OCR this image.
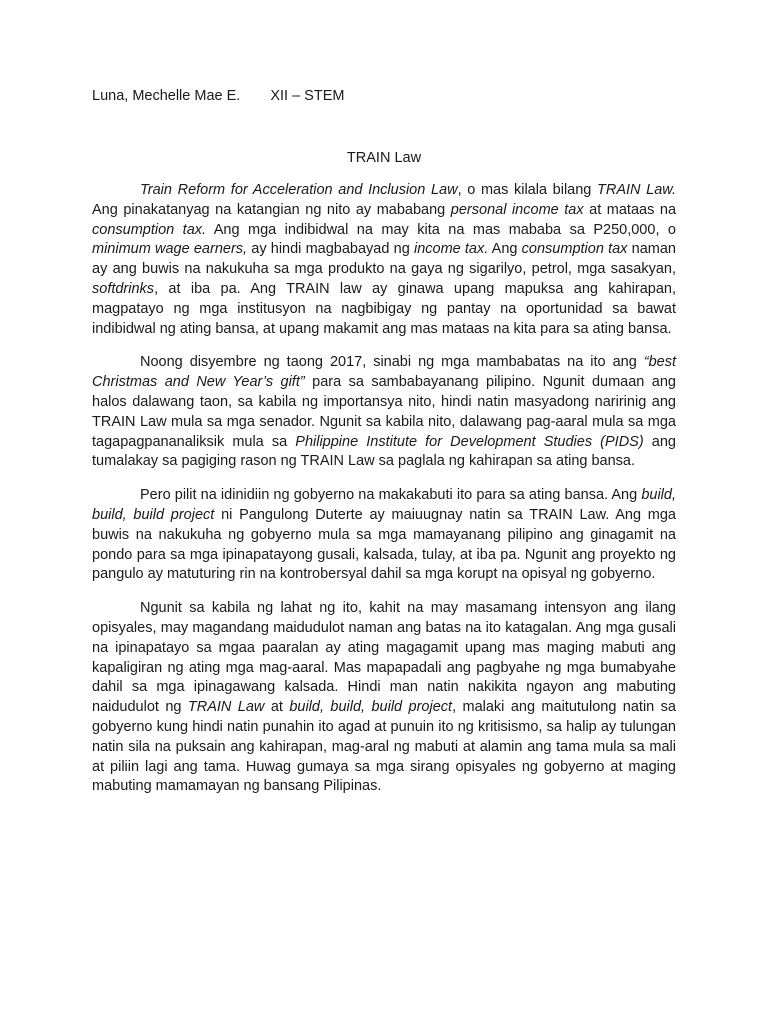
Luna, Mechelle Mae E. XII – STEM
TRAIN Law

Train Reform for Acceleration and Inclusion Law, o mas kilala bilang TRAIN Law. Ang pinakatanyag na katangian ng nito ay mababang personal income tax at mataas na consumption tax. Ang mga indibidwal na may kita na mas mababa sa P250,000, o minimum wage earners, ay hindi magbabayad ng income tax. Ang consumption tax naman ay ang buwis na nakukuha sa mga produkto na gaya ng sigarilyo, petrol, mga sasakyan, softdrinks, at iba pa. Ang TRAIN law ay ginawa upang mapuksa ang kahirapan, magpatayo ng mga institusyon na nagbibigay ng pantay na oportunidad sa bawat indibidwal ng ating bansa, at upang makamit ang mas mataas na kita para sa ating bansa.

Noong disyembre ng taong 2017, sinabi ng mga mambabatas na ito ang “best Christmas and New Year’s gift” para sa sambabayanang pilipino. Ngunit dumaan ang halos dalawang taon, sa kabila ng importansya nito, hindi natin masyadong naririnig ang TRAIN Law mula sa mga senador. Ngunit sa kabila nito, dalawang pag-aaral mula sa mga tagapagpananaliksik mula sa Philippine Institute for Development Studies (PIDS) ang tumalakay sa pagiging rason ng TRAIN Law sa paglala ng kahirapan sa ating bansa.

Pero pilit na idinidiin ng gobyerno na makakabuti ito para sa ating bansa. Ang build, build, build project ni Pangulong Duterte ay maiuugnay natin sa TRAIN Law. Ang mga buwis na nakukuha ng gobyerno mula sa mga mamayanang pilipino ang ginagamit na pondo para sa mga ipinapatayong gusali, kalsada, tulay, at iba pa. Ngunit ang proyekto ng pangulo ay matuturing rin na kontrobersyal dahil sa mga korupt na opisyal ng gobyerno.

Ngunit sa kabila ng lahat ng ito, kahit na may masamang intensyon ang ilang opisyales, may magandang maidudulot naman ang batas na ito katagalan. Ang mga gusali na ipinapatayo sa mgaa paaralan ay ating magagamit upang mas maging mabuti ang kapaligiran ng ating mga mag-aaral. Mas mapapadali ang pagbyahe ng mga bumabyahe dahil sa mga ipinagawang kalsada. Hindi man natin nakikita ngayon ang mabuting naidudulot ng TRAIN Law at build, build, build project, malaki ang maitutulong natin sa gobyerno kung hindi natin punahin ito agad at punuin ito ng kritisismo, sa halip ay tulungan natin sila na puksain ang kahirapan, mag-aral ng mabuti at alamin ang tama mula sa mali at piliin lagi ang tama. Huwag gumaya sa mga sirang opisyales ng gobyerno at maging mabuting mamamayan ng bansang Pilipinas.
